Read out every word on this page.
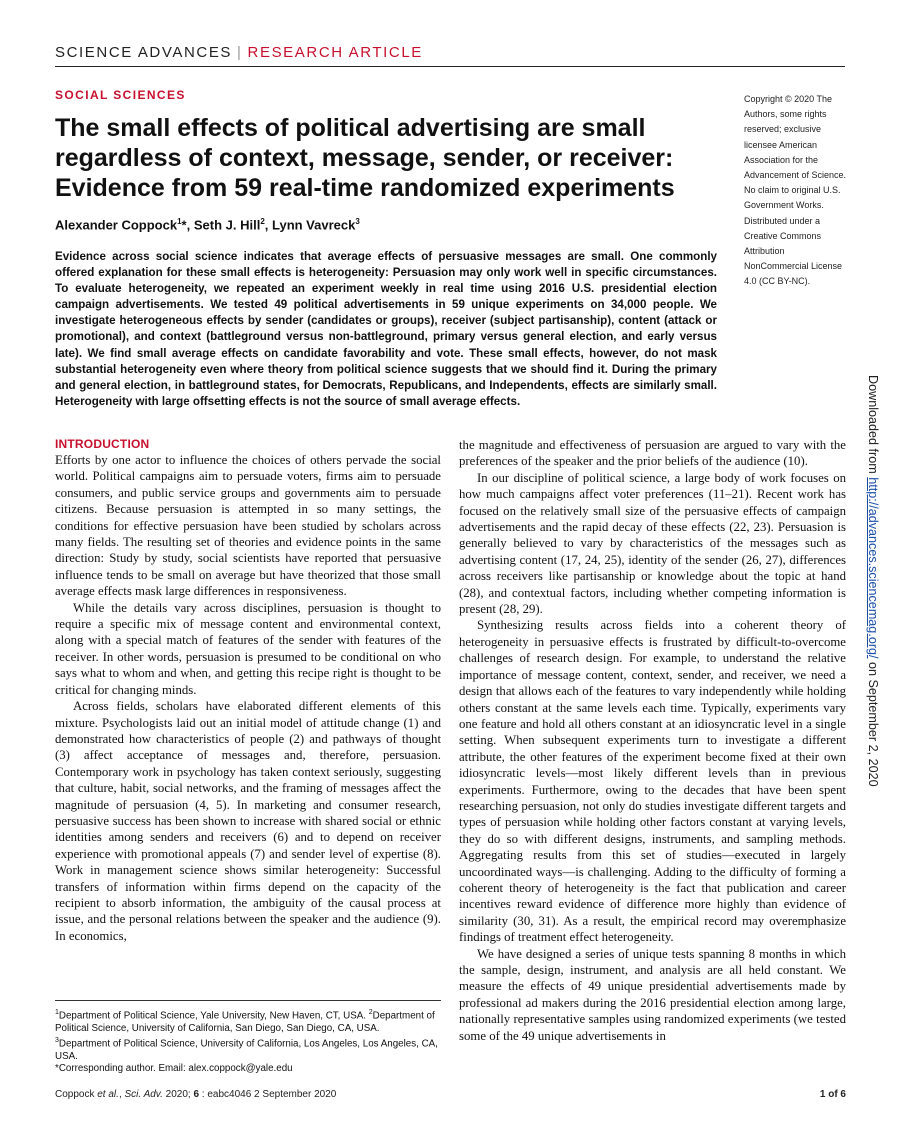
SCIENCE ADVANCES | RESEARCH ARTICLE
SOCIAL SCIENCES
The small effects of political advertising are small regardless of context, message, sender, or receiver: Evidence from 59 real-time randomized experiments
Alexander Coppock$^1$*, Seth J. Hill$^2$, Lynn Vavreck$^3$
Copyright © 2020 The Authors, some rights reserved; exclusive licensee American Association for the Advancement of Science. No claim to original U.S. Government Works. Distributed under a Creative Commons Attribution NonCommercial License 4.0 (CC BY-NC).

Evidence across social science indicates that average effects of persuasive messages are small. One commonly offered explanation for these small effects is heterogeneity: Persuasion may only work well in specific circumstances. To evaluate heterogeneity, we repeated an experiment weekly in real time using 2016 U.S. presidential election campaign advertisements. We tested 49 political advertisements in 59 unique experiments on 34,000 people. We investigate heterogeneous effects by sender (candidates or groups), receiver (subject partisanship), content (attack or promotional), and context (battleground versus non-battleground, primary versus general election, and early versus late). We find small average effects on candidate favorability and vote. These small effects, however, do not mask substantial heterogeneity even where theory from political science suggests that we should find it. During the primary and general election, in battleground states, for Democrats, Republicans, and Independents, effects are similarly small. Heterogeneity with large offsetting effects is not the source of small average effects.	Downloaded from http://advances.sciencemag.org/ on September 2, 2020
INTRODUCTION

Efforts by one actor to influence the choices of others pervade the social world. Political campaigns aim to persuade voters, firms aim to persuade consumers, and public service groups and governments aim to persuade citizens. Because persuasion is attempted in so many settings, the conditions for effective persuasion have been studied by scholars across many fields. The resulting set of theories and evidence points in the same direction: Study by study, social scientists have reported that persuasive influence tends to be small on average but have theorized that those small average effects mask large differences in responsiveness.

While the details vary across disciplines, persuasion is thought to require a specific mix of message content and environmental context, along with a special match of features of the sender with features of the receiver. In other words, persuasion is presumed to be conditional on who says what to whom and when, and getting this recipe right is thought to be critical for changing minds.

Across fields, scholars have elaborated different elements of this mixture. Psychologists laid out an initial model of attitude change (1) and demonstrated how characteristics of people (2) and pathways of thought (3) affect acceptance of messages and, therefore, persuasion. Contemporary work in psychology has taken context seriously, suggesting that culture, habit, social networks, and the framing of messages affect the magnitude of persuasion (4, 5). In marketing and consumer research, persuasive success has been shown to increase with shared social or ethnic identities among senders and receivers (6) and to depend on receiver experience with promotional appeals (7) and sender level of expertise (8). Work in management science shows similar heterogeneity: Successful transfers of information within firms depend on the capacity of the recipient to absorb information, the ambiguity of the causal process at issue, and the personal relations between the speaker and the audience (9). In economics,

the magnitude and effectiveness of persuasion are argued to vary with the preferences of the speaker and the prior beliefs of the audience (10).

In our discipline of political science, a large body of work focuses on how much campaigns affect voter preferences (11–21). Recent work has focused on the relatively small size of the persuasive effects of campaign advertisements and the rapid decay of these effects (22, 23). Persuasion is generally believed to vary by characteristics of the messages such as advertising content (17, 24, 25), identity of the sender (26, 27), differences across receivers like partisanship or knowledge about the topic at hand (28), and contextual factors, including whether competing information is present (28, 29).

Synthesizing results across fields into a coherent theory of heterogeneity in persuasive effects is frustrated by difficult-to-overcome challenges of research design. For example, to understand the relative importance of message content, context, sender, and receiver, we need a design that allows each of the features to vary independently while holding others constant at the same levels each time. Typically, experiments vary one feature and hold all others constant at an idiosyncratic level in a single setting. When subsequent experiments turn to investigate a different attribute, the other features of the experiment become fixed at their own idiosyncratic levels—most likely different levels than in previous experiments. Furthermore, owing to the decades that have been spent researching persuasion, not only do studies investigate different targets and types of persuasion while holding other factors constant at varying levels, they do so with different designs, instruments, and sampling methods. Aggregating results from this set of studies—executed in largely uncoordinated ways—is challenging. Adding to the difficulty of forming a coherent theory of heterogeneity is the fact that publication and career incentives reward evidence of difference more highly than evidence of similarity (30, 31). As a result, the empirical record may overemphasize findings of treatment effect heterogeneity.

We have designed a series of unique tests spanning 8 months in which the sample, design, instrument, and analysis are all held constant. We measure the effects of 49 unique presidential advertisements made by professional ad makers during the 2016 presidential election among large, nationally representative samples using randomized experiments (we tested some of the 49 unique advertisements in

$^1$Department of Political Science, Yale University, New Haven, CT, USA. $^2$Department of Political Science, University of California, San Diego, San Diego, CA, USA.
$^3$Department of Political Science, University of California, Los Angeles, Los Angeles, CA, USA.
*Corresponding author. Email: alex.coppock@yale.edu
Coppock et al., Sci. Adv. 2020; 6 : eabc4046 2 September 2020	1 of 6
